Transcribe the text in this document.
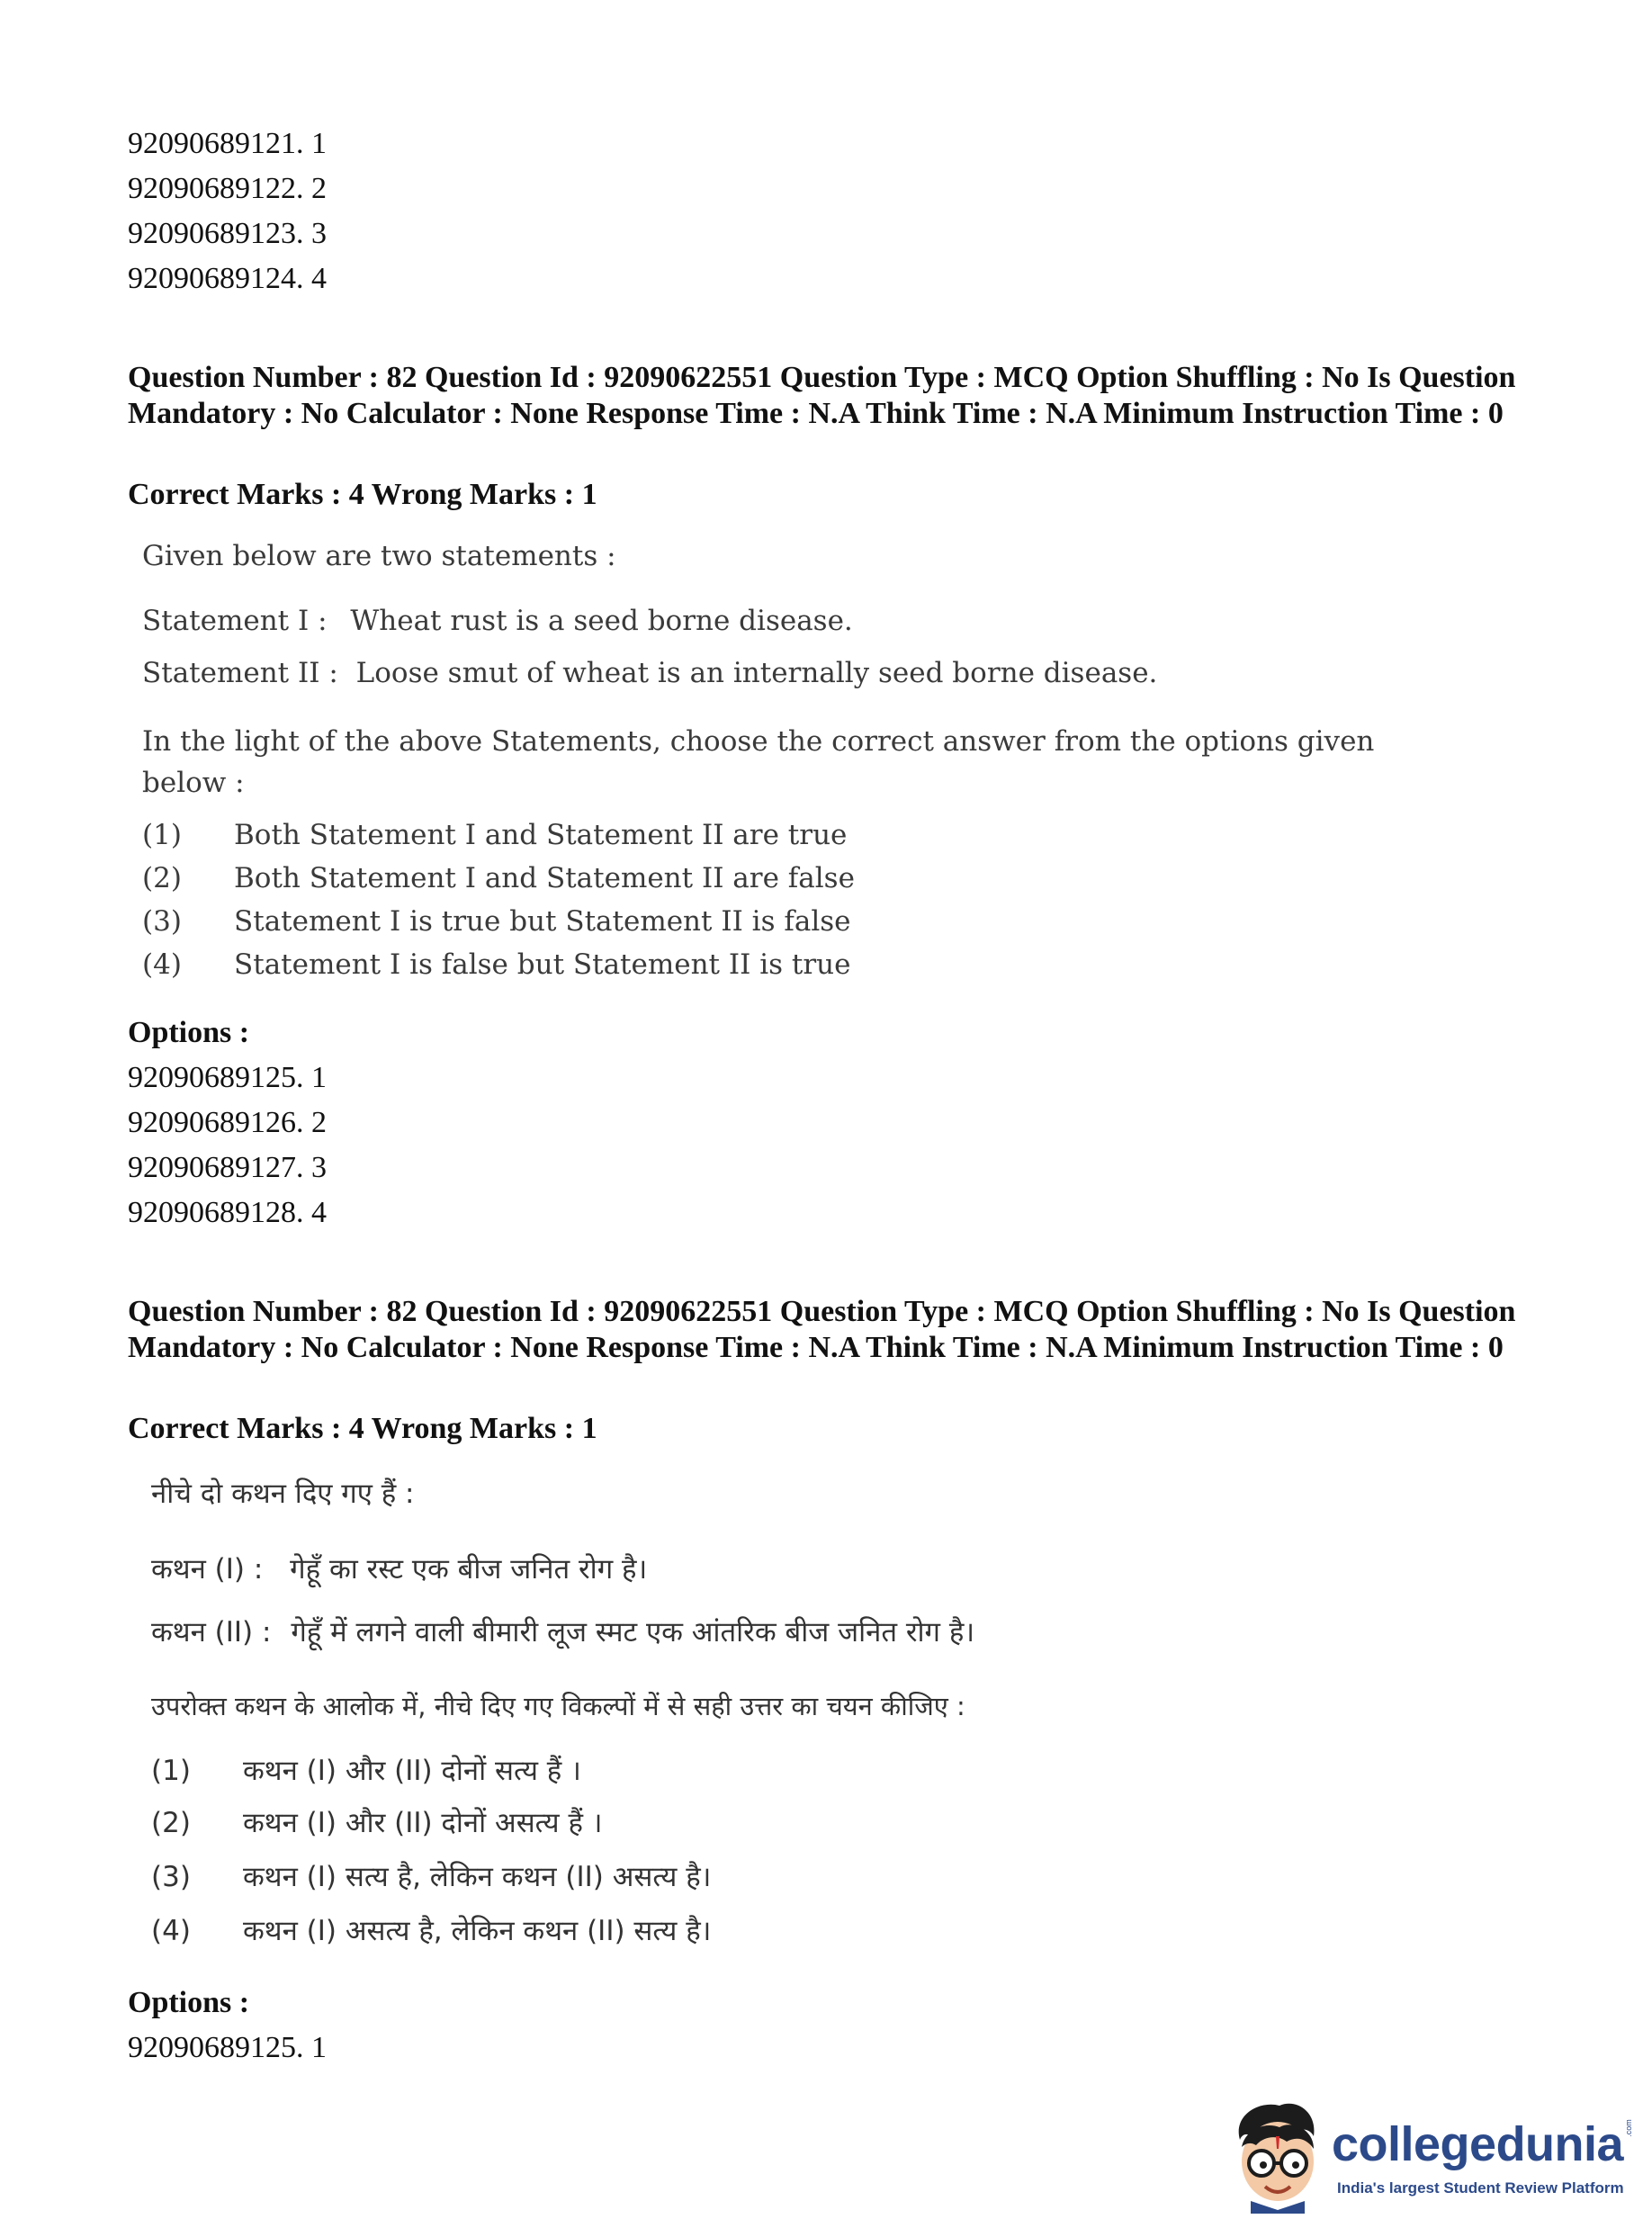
92090689121. 1

92090689122. 2

92090689123. 3

92090689124. 4

Question Number : 82 Question Id : 92090622551 Question Type : MCQ Option Shuffling : No Is Question Mandatory : No Calculator : None Response Time : N.A Think Time : N.A Minimum Instruction Time : 0

Correct Marks : 4 Wrong Marks : 1

Given below are two statements :

Statement I : Wheat rust is a seed borne disease.

Statement II : Loose smut of wheat is an internally seed borne disease.

In the light of the above Statements, choose the correct answer from the options given

below :

(1) Both Statement I and Statement II are true

(2) Both Statement I and Statement II are false

(3) Statement I is true but Statement II is false

(4) Statement I is false but Statement II is true

Options :

92090689125. 1

92090689126. 2

92090689127. 3

92090689128. 4

Question Number : 82 Question Id : 92090622551 Question Type : MCQ Option Shuffling : No Is Question Mandatory : No Calculator : None Response Time : N.A Think Time : N.A Minimum Instruction Time : 0

Correct Marks : 4 Wrong Marks : 1

नीचे दो कथन दिए गए हैं :

कथन (I) : गेहूँ का रस्ट एक बीज जनित रोग है।

कथन (II) : गेहूँ में लगने वाली बीमारी लूज स्मट एक आंतरिक बीज जनित रोग है।

उपरोक्त कथन के आलोक में, नीचे दिए गए विकल्पों में से सही उत्तर का चयन कीजिए :

(1) कथन (I) और (II) दोनों सत्य हैं ।

(2) कथन (I) और (II) दोनों असत्य हैं ।

(3) कथन (I) सत्य है, लेकिन कथन (II) असत्य है।

(4) कथन (I) असत्य है, लेकिन कथन (II) सत्य है।

Options :

92090689125. 1

collegedunia .com
India's largest Student Review Platform
